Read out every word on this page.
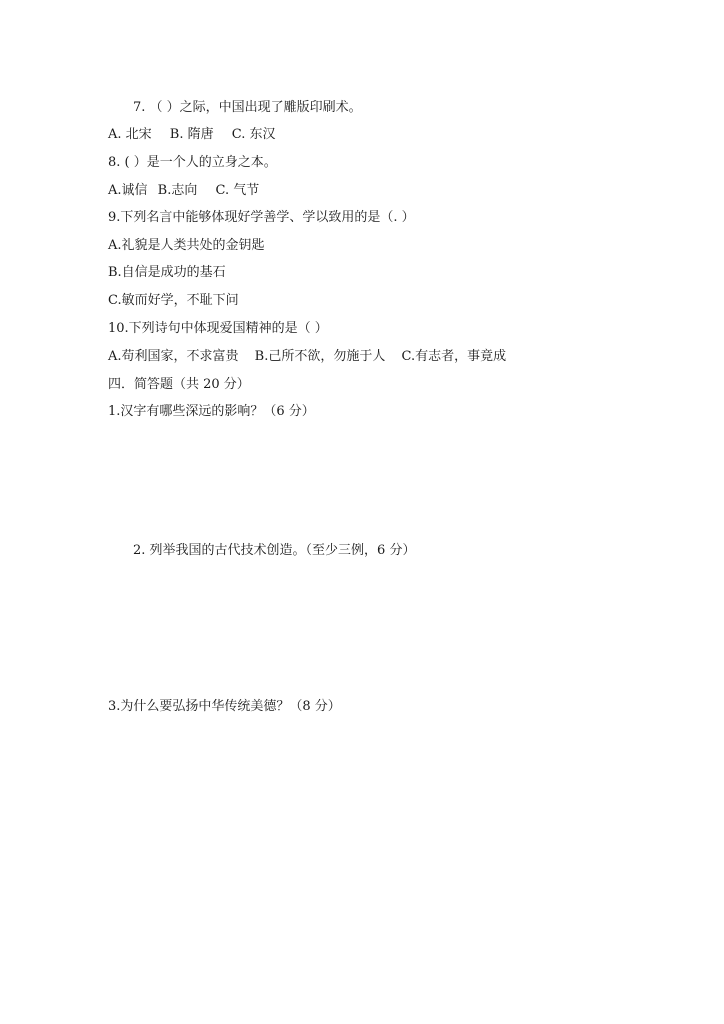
7. （ ）之际，中国出现了雕版印刷术。
A. 北宋 B. 隋唐 C. 东汉
8. ( ）是一个人的立身之本。
A.诚信 B.志向 C. 气节
9.下列名言中能够体现好学善学、学以致用的是（. ）
A.礼貌是人类共处的金钥匙
B.自信是成功的基石
C.敏而好学，不耻下问
10.下列诗句中体现爱国精神的是（ ）
A.苟利国家，不求富贵 B.己所不欲，勿施于人 C.有志者，事竟成
四．简答题（共 20 分）
1.汉字有哪些深远的影响？（6 分）
2. 列举我国的古代技术创造。（至少三例，6 分）
3.为什么要弘扬中华传统美德？（8 分）
